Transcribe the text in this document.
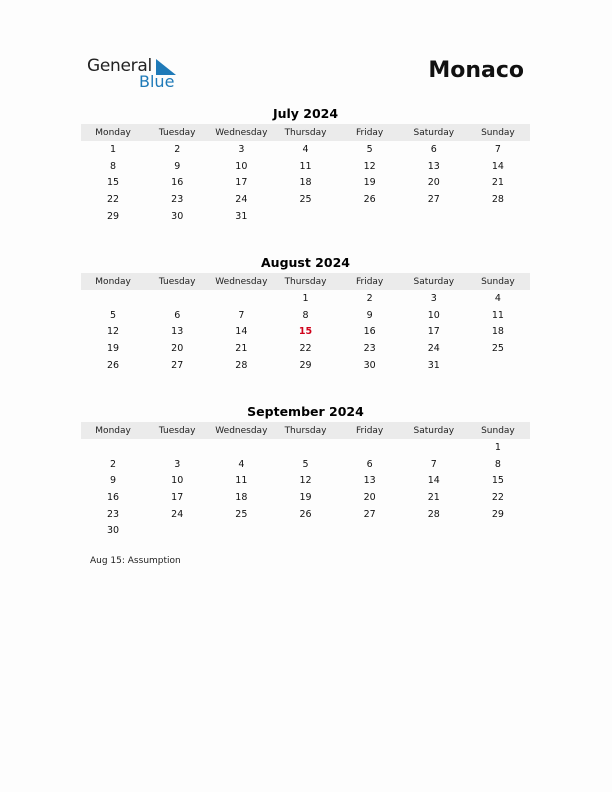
General
Blue	Monaco
July 2024
Monday	Tuesday	Wednesday	Thursday	Friday	Saturday	Sunday
1	2	3	4	5	6	7
8	9	10	11	12	13	14
15	16	17	18	19	20	21
22	23	24	25	26	27	28
29	30	31				
August 2024
Monday	Tuesday	Wednesday	Thursday	Friday	Saturday	Sunday
			1	2	3	4
5	6	7	8	9	10	11
12	13	14	15	16	17	18
19	20	21	22	23	24	25
26	27	28	29	30	31	
September 2024
Monday	Tuesday	Wednesday	Thursday	Friday	Saturday	Sunday
						1
2	3	4	5	6	7	8
9	10	11	12	13	14	15
16	17	18	19	20	21	22
23	24	25	26	27	28	29
30						
Aug 15: Assumption
